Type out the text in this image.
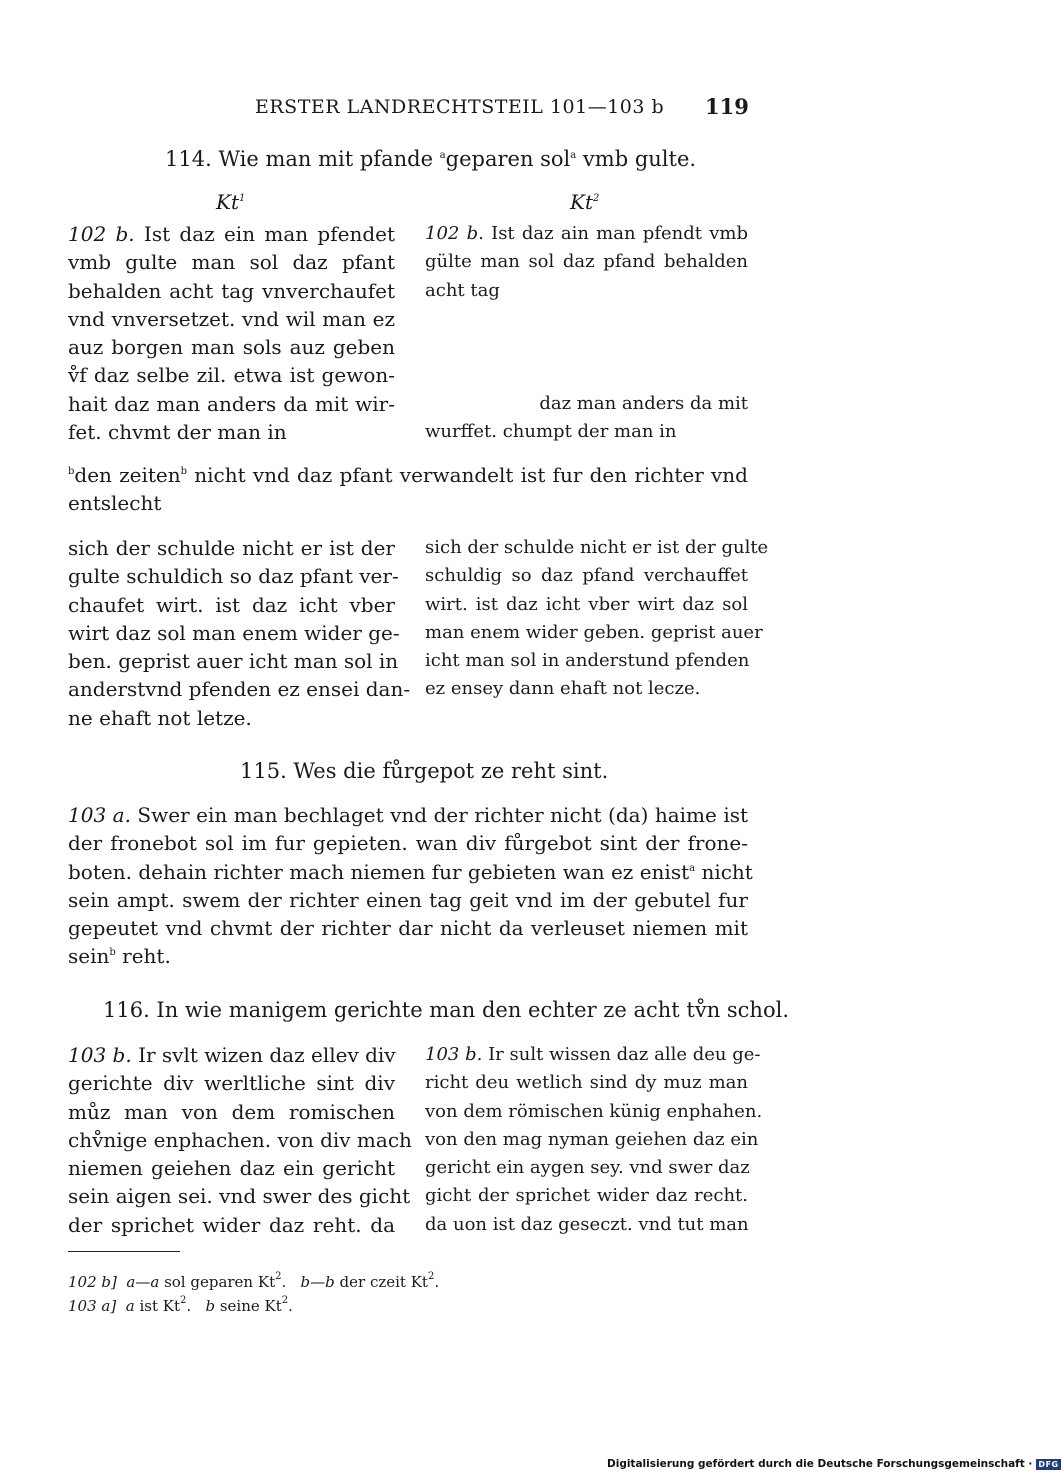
ERSTER LANDRECHTSTEIL 101—103 b 119
114. Wie man mit pfande $^a$geparen sol$^a$ vmb gulte.
Kt$^1$	Kt$^2$
102 b. Ist daz ein man pfendet
vmb gulte man sol daz pfant
behalden acht tag vnverchaufet
vnd vnversetzet. vnd wil man ez
auz borgen man sols auz geben
v̊f daz selbe zil. etwa ist gewon-
hait daz man anders da mit wir-
fet. chvmt der man in
102 b. Ist daz ain man pfendt vmb
gülte man sol daz pfand behalden
acht tag
daz man anders da mit
wurffet. chumpt der man in
$^b$den zeiten$^b$ nicht vnd daz pfant verwandelt ist fur den richter vnd
entslecht
sich der schulde nicht er ist der
gulte schuldich so daz pfant ver-
chaufet wirt. ist daz icht vber
wirt daz sol man enem wider ge-
ben. geprist auer icht man sol in
anderstvnd pfenden ez ensei dan-
ne ehaft not letze.
sich der schulde nicht er ist der gulte
schuldig so daz pfand verchauffet
wirt. ist daz icht vber wirt daz sol
man enem wider geben. geprist auer
icht man sol in anderstund pfenden
ez ensey dann ehaft not lecze.
115. Wes die fůrgepot ze reht sint.
103 a. Swer ein man bechlaget vnd der richter nicht (da) haime ist
der fronebot sol im fur gepieten. wan div fůrgebot sint der frone-
boten. dehain richter mach niemen fur gebieten wan ez enist$^a$ nicht
sein ampt. swem der richter einen tag geit vnd im der gebutel fur
gepeutet vnd chvmt der richter dar nicht da verleuset niemen mit
sein$^b$ reht.
116. In wie manigem gerichte man den echter ze acht tv̊n schol.
103 b. Ir svlt wizen daz ellev div
gerichte div werltliche sint div
můz man von dem romischen
chv̊nige enphachen. von div mach
niemen geiehen daz ein gericht
sein aigen sei. vnd swer des gicht
der sprichet wider daz reht. da
103 b. Ir sult wissen daz alle deu ge-
richt deu wetlich sind dy muz man
von dem römischen künig enphahen.
von den mag nyman geiehen daz ein
gericht ein aygen sey. vnd swer daz
gicht der sprichet wider daz recht.
da uon ist daz geseczt. vnd tut man
102 b] a—a sol geparen Kt$^2$.   b—b der czeit Kt$^2$.
103 a] a ist Kt$^2$.   b seine Kt$^2$.
Digitalisierung gefördert durch die Deutsche Forschungsgemeinschaft · DFG
